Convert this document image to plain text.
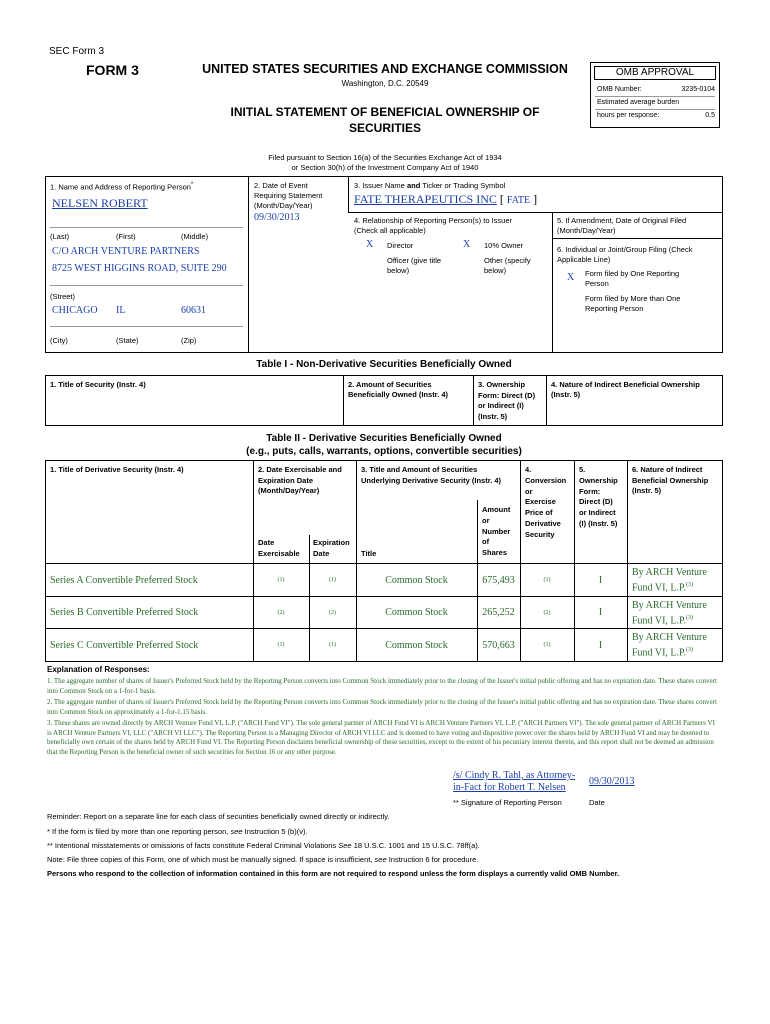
SEC Form 3
FORM 3	UNITED STATES SECURITIES AND EXCHANGE COMMISSION
Washington, D.C. 20549
INITIAL STATEMENT OF BENEFICIAL OWNERSHIP OF
SECURITIES
Filed pursuant to Section 16(a) of the Securities Exchange Act of 1934
or Section 30(h) of the Investment Company Act of 1940
OMB APPROVAL
OMB Number:	3235-0104
Estimated average burden
hours per response:	0.5
1. Name and Address of Reporting Person*
NELSEN ROBERT
(Last)	(First)	(Middle)
C/O ARCH VENTURE PARTNERS
8725 WEST HIGGINS ROAD, SUITE 290
(Street)
CHICAGO IL	60631
(City)	(State)	(Zip)
2. Date of Event
Requiring Statement
(Month/Day/Year)
09/30/2013
3. Issuer Name and Ticker or Trading Symbol
FATE THERAPEUTICS INC [ FATE ]
4. Relationship of Reporting Person(s) to Issuer
(Check all applicable)
X Director	X 10% Owner
Officer (give title
below)
Other (specify
below)
5. If Amendment, Date of Original Filed
(Month/Day/Year)
6. Individual or Joint/Group Filing (Check
Applicable Line)
X Form filed by One Reporting
Person
Form filed by More than One
Reporting Person
Table I - Non-Derivative Securities Beneficially Owned
1. Title of Security (Instr. 4)	2. Amount of Securities
Beneficially Owned (Instr. 4)
3. Ownership
Form: Direct (D)
or Indirect (I)
(Instr. 5)
4. Nature of Indirect Beneficial Ownership
(Instr. 5)
Table II - Derivative Securities Beneficially Owned
(e.g., puts, calls, warrants, options, convertible securities)
1. Title of Derivative Security (Instr. 4)	2. Date Exercisable and
Expiration Date
(Month/Day/Year)
3. Title and Amount of Securities
Underlying Derivative Security (Instr. 4)
4.
Conversion
or
Exercise
Price of
Derivative
Security
5.
Ownership
Form:
Direct (D)
or Indirect
(I) (Instr. 5)
6. Nature of Indirect
Beneficial Ownership
(Instr. 5)
Date
Exercisable
Expiration
Date	Title
Amount
or
Number
of
Shares
Series A Convertible Preferred Stock	(1)	(1)	Common Stock	675,493	(1)	I
By ARCH Venture
Fund VI, L.P.$^{(3)}$
Series B Convertible Preferred Stock	(2)	(2)	Common Stock	265,252	(2)	I
By ARCH Venture
Fund VI, L.P.$^{(3)}$
Series C Convertible Preferred Stock	(1)	(1)	Common Stock	570,663	(1)	I
By ARCH Venture
Fund VI, L.P.$^{(3)}$
Explanation of Responses:
1. The aggregate number of shares of Issuer's Preferred Stock held by the Reporting Person converts into Common Stock immediately prior to the closing of the Issuer's initial public offering and has no expiration date. These shares convert into Common Stock on a 1-for-1 basis.
2. The aggregate number of shares of Issuer's Preferred Stock held by the Reporting Person converts into Common Stock immediately prior to the closing of the Issuer's initial public offering and has no expiration date. These shares convert into Common Stock on approximately a 1-for-1.15 basis.
3. These shares are owned directly by ARCH Venture Fund VI, L.P. ("ARCH Fund VI"). The sole general partner of ARCH Fund VI is ARCH Venture Partners VI, L.P. ("ARCH Partners VI"). The sole general partner of ARCH Partners VI is ARCH Venture Partners VI, LLC ("ARCH VI LLC"). The Reporting Person is a Managing Director of ARCH VI LLC and is deemed to have voting and dispositive power over the shares held by ARCH Fund VI and may be deemed to beneficially own certain of the shares held by ARCH Fund VI. The Reporting Person disclaims beneficial ownership of these securities, except to the extent of his pecuniary interest therein, and this report shall not be deemed an admission that the Reporting Person is the beneficial owner of such securities for Section 16 or any other purpose.
/s/ Cindy R. Tahl, as Attorney-
in-Fact for Robert T. Nelsen
09/30/2013
** Signature of Reporting Person	Date
Reminder: Report on a separate line for each class of securities beneficially owned directly or indirectly.
* If the form is filed by more than one reporting person, see Instruction 5 (b)(v).
** Intentional misstatements or omissions of facts constitute Federal Criminal Violations See 18 U.S.C. 1001 and 15 U.S.C. 78ff(a).
Note: File three copies of this Form, one of which must be manually signed. If space is insufficient, see Instruction 6 for procedure.
Persons who respond to the collection of information contained in this form are not required to respond unless the form displays a currently valid OMB Number.
